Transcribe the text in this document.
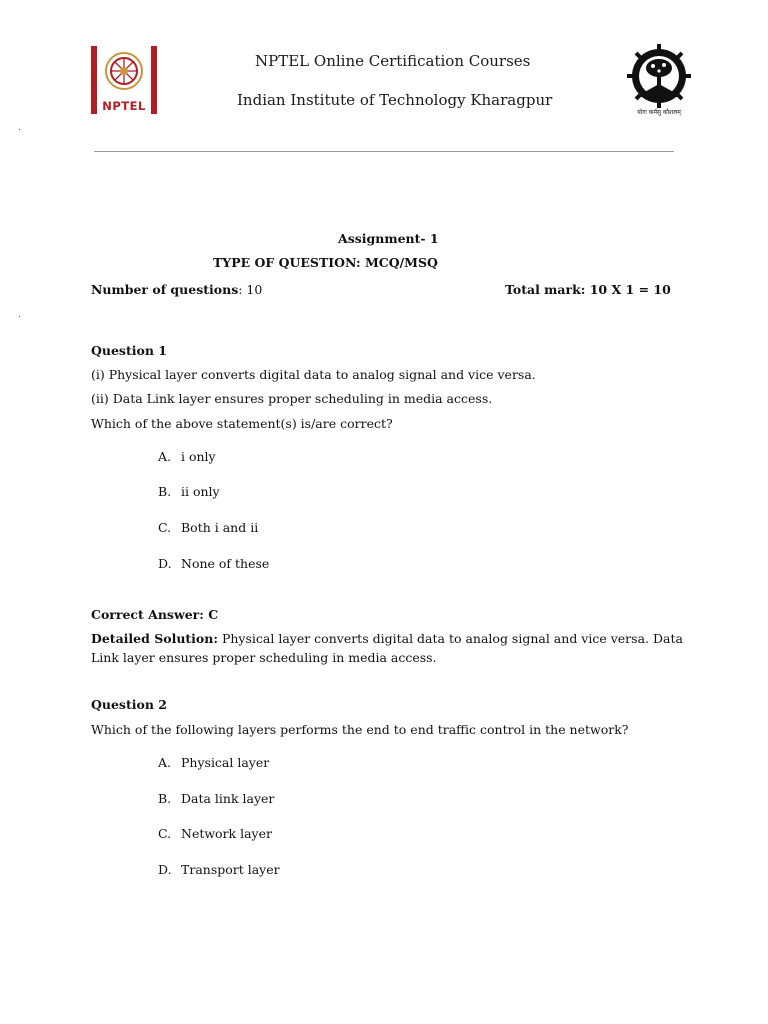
NPTEL
NPTEL Online Certification Courses
Indian Institute of Technology Kharagpur
योगः कर्मसु कौशलम्
Assignment- 1
TYPE OF QUESTION: MCQ/MSQ
Number of questions: 10	Total mark: 10 X 1 = 10
Question 1
(i) Physical layer converts digital data to analog signal and vice versa.
(ii) Data Link layer ensures proper scheduling in media access.
Which of the above statement(s) is/are correct?
A. i only
B. ii only
C. Both i and ii
D. None of these
Correct Answer: C
Detailed Solution: Physical layer converts digital data to analog signal and vice versa. Data
Link layer ensures proper scheduling in media access.
Question 2
Which of the following layers performs the end to end traffic control in the network?
A. Physical layer
B. Data link layer
C. Network layer
D. Transport layer
